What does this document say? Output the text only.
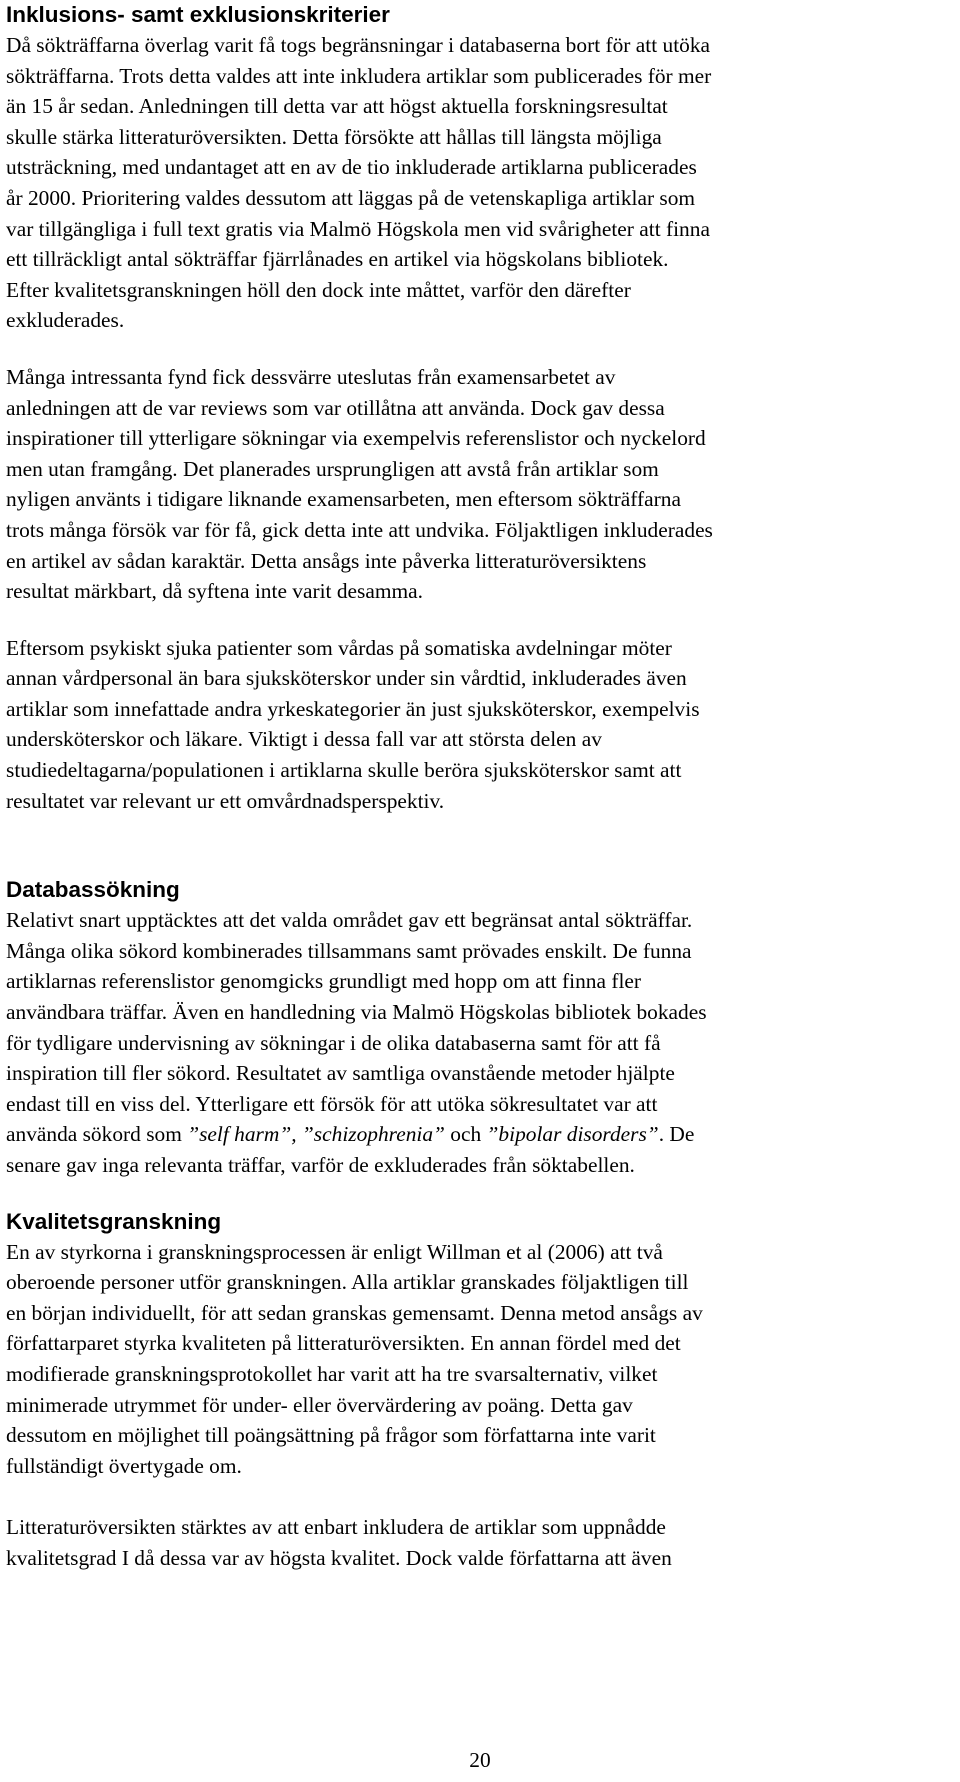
Inklusions- samt exklusionskriterier

Då sökträffarna överlag varit få togs begränsningar i databaserna bort för att utöka
sökträffarna. Trots detta valdes att inte inkludera artiklar som publicerades för mer
än 15 år sedan. Anledningen till detta var att högst aktuella forskningsresultat
skulle stärka litteraturöversikten. Detta försökte att hållas till längsta möjliga
utsträckning, med undantaget att en av de tio inkluderade artiklarna publicerades
år 2000. Prioritering valdes dessutom att läggas på de vetenskapliga artiklar som
var tillgängliga i full text gratis via Malmö Högskola men vid svårigheter att finna
ett tillräckligt antal sökträffar fjärrlånades en artikel via högskolans bibliotek.
Efter kvalitetsgranskningen höll den dock inte måttet, varför den därefter
exkluderades.

Många intressanta fynd fick dessvärre uteslutas från examensarbetet av
anledningen att de var reviews som var otillåtna att använda. Dock gav dessa
inspirationer till ytterligare sökningar via exempelvis referenslistor och nyckelord
men utan framgång. Det planerades ursprungligen att avstå från artiklar som
nyligen använts i tidigare liknande examensarbeten, men eftersom sökträffarna
trots många försök var för få, gick detta inte att undvika. Följaktligen inkluderades
en artikel av sådan karaktär. Detta ansågs inte påverka litteraturöversiktens
resultat märkbart, då syftena inte varit desamma.

Eftersom psykiskt sjuka patienter som vårdas på somatiska avdelningar möter
annan vårdpersonal än bara sjuksköterskor under sin vårdtid, inkluderades även
artiklar som innefattade andra yrkeskategorier än just sjuksköterskor, exempelvis
undersköterskor och läkare. Viktigt i dessa fall var att största delen av
studiedeltagarna/populationen i artiklarna skulle beröra sjuksköterskor samt att
resultatet var relevant ur ett omvårdnadsperspektiv.

Databassökning

Relativt snart upptäcktes att det valda området gav ett begränsat antal sökträffar.
Många olika sökord kombinerades tillsammans samt prövades enskilt. De funna
artiklarnas referenslistor genomgicks grundligt med hopp om att finna fler
användbara träffar. Även en handledning via Malmö Högskolas bibliotek bokades
för tydligare undervisning av sökningar i de olika databaserna samt för att få
inspiration till fler sökord. Resultatet av samtliga ovanstående metoder hjälpte
endast till en viss del. Ytterligare ett försök för att utöka sökresultatet var att
använda sökord som ”self harm”, ”schizophrenia” och ”bipolar disorders”. De
senare gav inga relevanta träffar, varför de exkluderades från söktabellen.

Kvalitetsgranskning

En av styrkorna i granskningsprocessen är enligt Willman et al (2006) att två
oberoende personer utför granskningen. Alla artiklar granskades följaktligen till
en början individuellt, för att sedan granskas gemensamt. Denna metod ansågs av
författarparet styrka kvaliteten på litteraturöversikten. En annan fördel med det
modifierade granskningsprotokollet har varit att ha tre svarsalternativ, vilket
minimerade utrymmet för under- eller övervärdering av poäng. Detta gav
dessutom en möjlighet till poängsättning på frågor som författarna inte varit
fullständigt övertygade om.

Litteraturöversikten stärktes av att enbart inkludera de artiklar som uppnådde
kvalitetsgrad I då dessa var av högsta kvalitet. Dock valde författarna att även

20
